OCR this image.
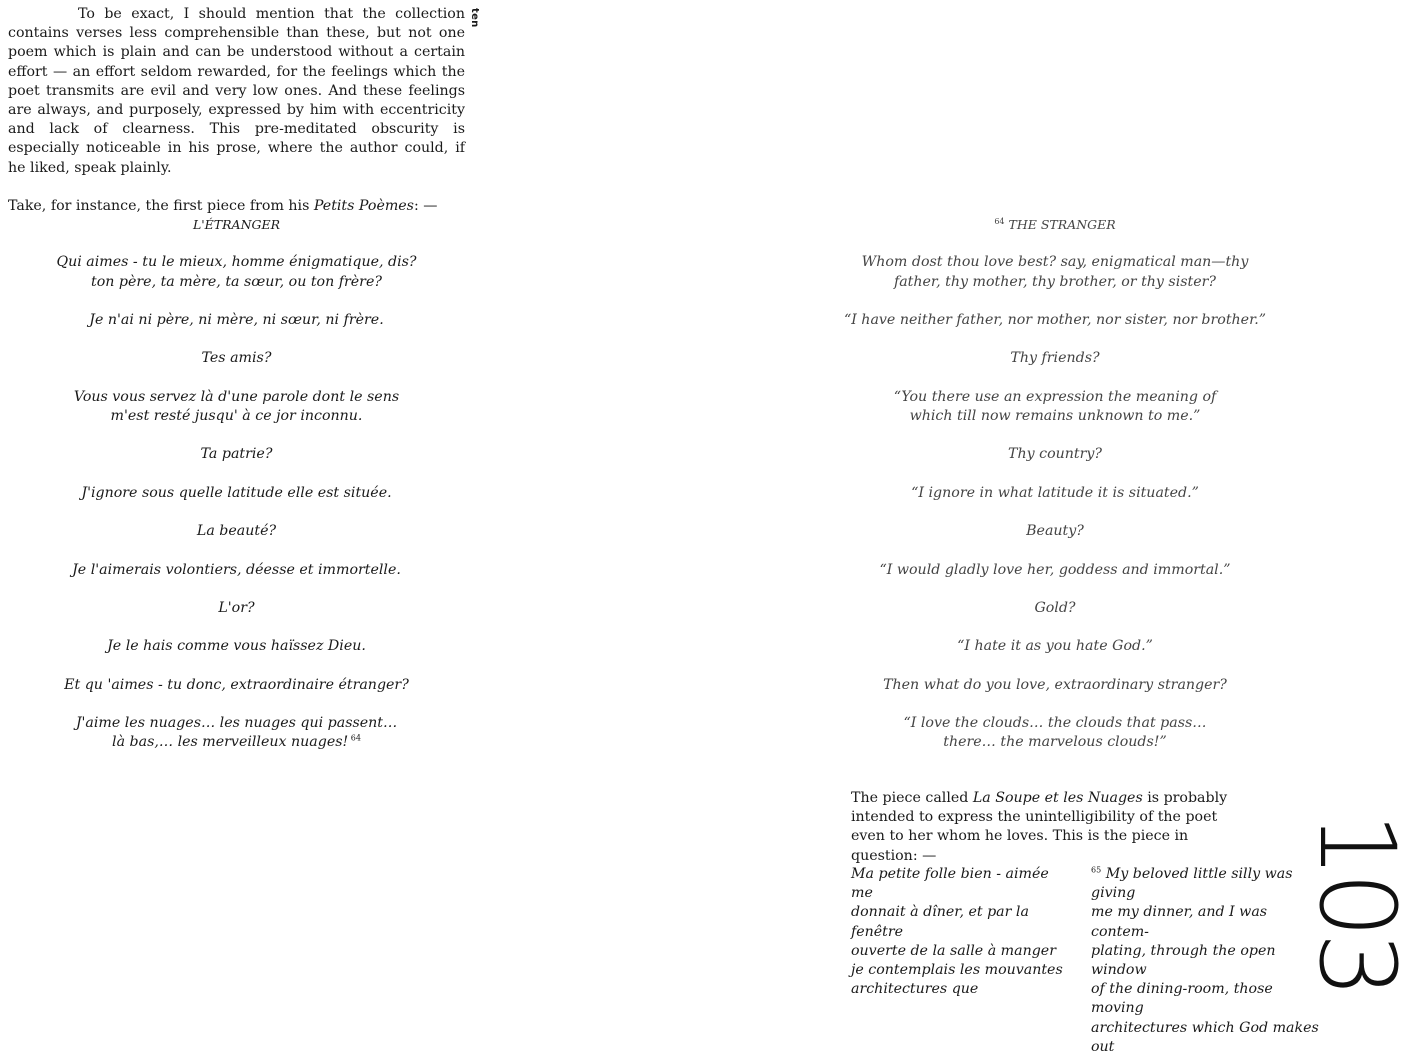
To be exact, I should mention that the collection contains verses less comprehensible than these, but not one poem which is plain and can be understood without a certain effort — an effort seldom rewarded, for the feelings which the poet transmits are evil and very low ones. And these feelings are always, and purposely, expressed by him with eccentricity and lack of clearness. This pre-meditated obscurity is especially noticeable in his prose, where the author could, if he liked, speak plainly.

Take, for instance, the first piece from his Petits Poèmes: —

ten
L'ÉTRANGER
Qui aimes - tu le mieux, homme énigmatique, dis?
ton père, ta mère, ta sœur, ou ton frère?
Je n'ai ni père, ni mère, ni sœur, ni frère.
Tes amis?
Vous vous servez là d'une parole dont le sens
m'est resté jusqu' à ce jor inconnu.
Ta patrie?
J'ignore sous quelle latitude elle est située.
La beauté?
Je l'aimerais volontiers, déesse et immortelle.
L'or?
Je le hais comme vous haïssez Dieu.
Et qu 'aimes - tu donc, extraordinaire étranger?
J'aime les nuages… les nuages qui passent…
là bas,… les merveilleux nuages! $^{64}$
$^{64}$ THE STRANGER
Whom dost thou love best? say, enigmatical man—thy
father, thy mother, thy brother, or thy sister?
“I have neither father, nor mother, nor sister, nor brother.”
Thy friends?
“You there use an expression the meaning of
which till now remains unknown to me.”
Thy country?
“I ignore in what latitude it is situated.”
Beauty?
“I would gladly love her, goddess and immortal.”
Gold?
“I hate it as you hate God.”
Then what do you love, extraordinary stranger?
“I love the clouds… the clouds that pass…
there… the marvelous clouds!”
The piece called La Soupe et les Nuages is probably intended to express the unintelligibility of the poet even to her whom he loves. This is the piece in question: —
Ma petite folle bien - aimée me
donnait à dîner, et par la fenêtre
ouverte de la salle à manger
je contemplais les mouvantes
architectures que
$^{65}$ My beloved little silly was giving
me my dinner, and I was contem-
plating, through the open window
of the dining-room, those moving
architectures which God makes out
103
